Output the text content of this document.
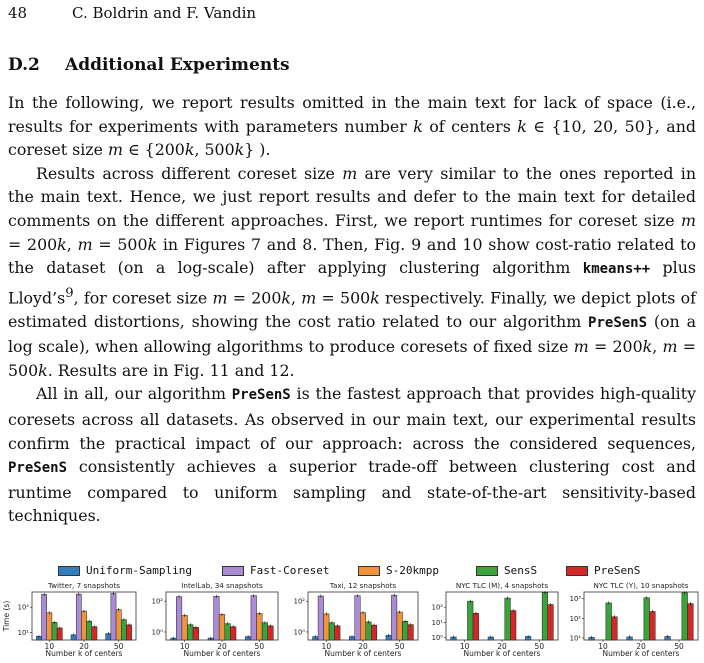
48	C. Boldrin and F. Vandin
D.2 Additional Experiments

In the following, we report results omitted in the main text for lack of space (i.e., results for experiments with parameters number k of centers k ∈ {10, 20, 50}, and coreset size m ∈ {200k, 500k} ).

Results across different coreset size m are very similar to the ones reported in the main text. Hence, we just report results and defer to the main text for detailed comments on the different approaches. First, we report runtimes for coreset size m = 200k, m = 500k in Figures 7 and 8. Then, Fig. 9 and 10 show cost-ratio related to the dataset (on a log-scale) after applying clustering algorithm kmeans++ plus $Lloyd’s^9$, for coreset size m = 200k, m = 500k respectively. Finally, we depict plots of estimated distortions, showing the cost ratio related to our algorithm PreSenS (on a log scale), when allowing algorithms to produce coresets of fixed size m = 200k, m = 500k. Results are in Fig. 11 and 12.

All in all, our algorithm PreSenS is the fastest approach that provides high-quality coresets across all datasets. As observed in our main text, our experimental results confirm the practical impact of our approach: across the considered sequences, PreSenS consistently achieves a superior trade-off between clustering cost and runtime compared to uniform sampling and state-of-the-art sensitivity-based techniques.

Uniform-Sampling	Fast-Coreset	S-20kmpp	SensS	PreSenS
Twitter, 7 snapshots
Time (s)
10¹
10²
10	20	50
Number k of centers
IntelLab, 34 snapshots
10⁰
10²
10	20	50
Number k of centers
Taxi, 12 snapshots
10⁰
10²
10	20	50
Number k of centers
NYC TLC (M), 4 snapshots
10⁰
10¹
10²
10	20	50
Number k of centers
NYC TLC (Y), 10 snapshots
10¹
10²
10³
10	20	50
Number k of centers
